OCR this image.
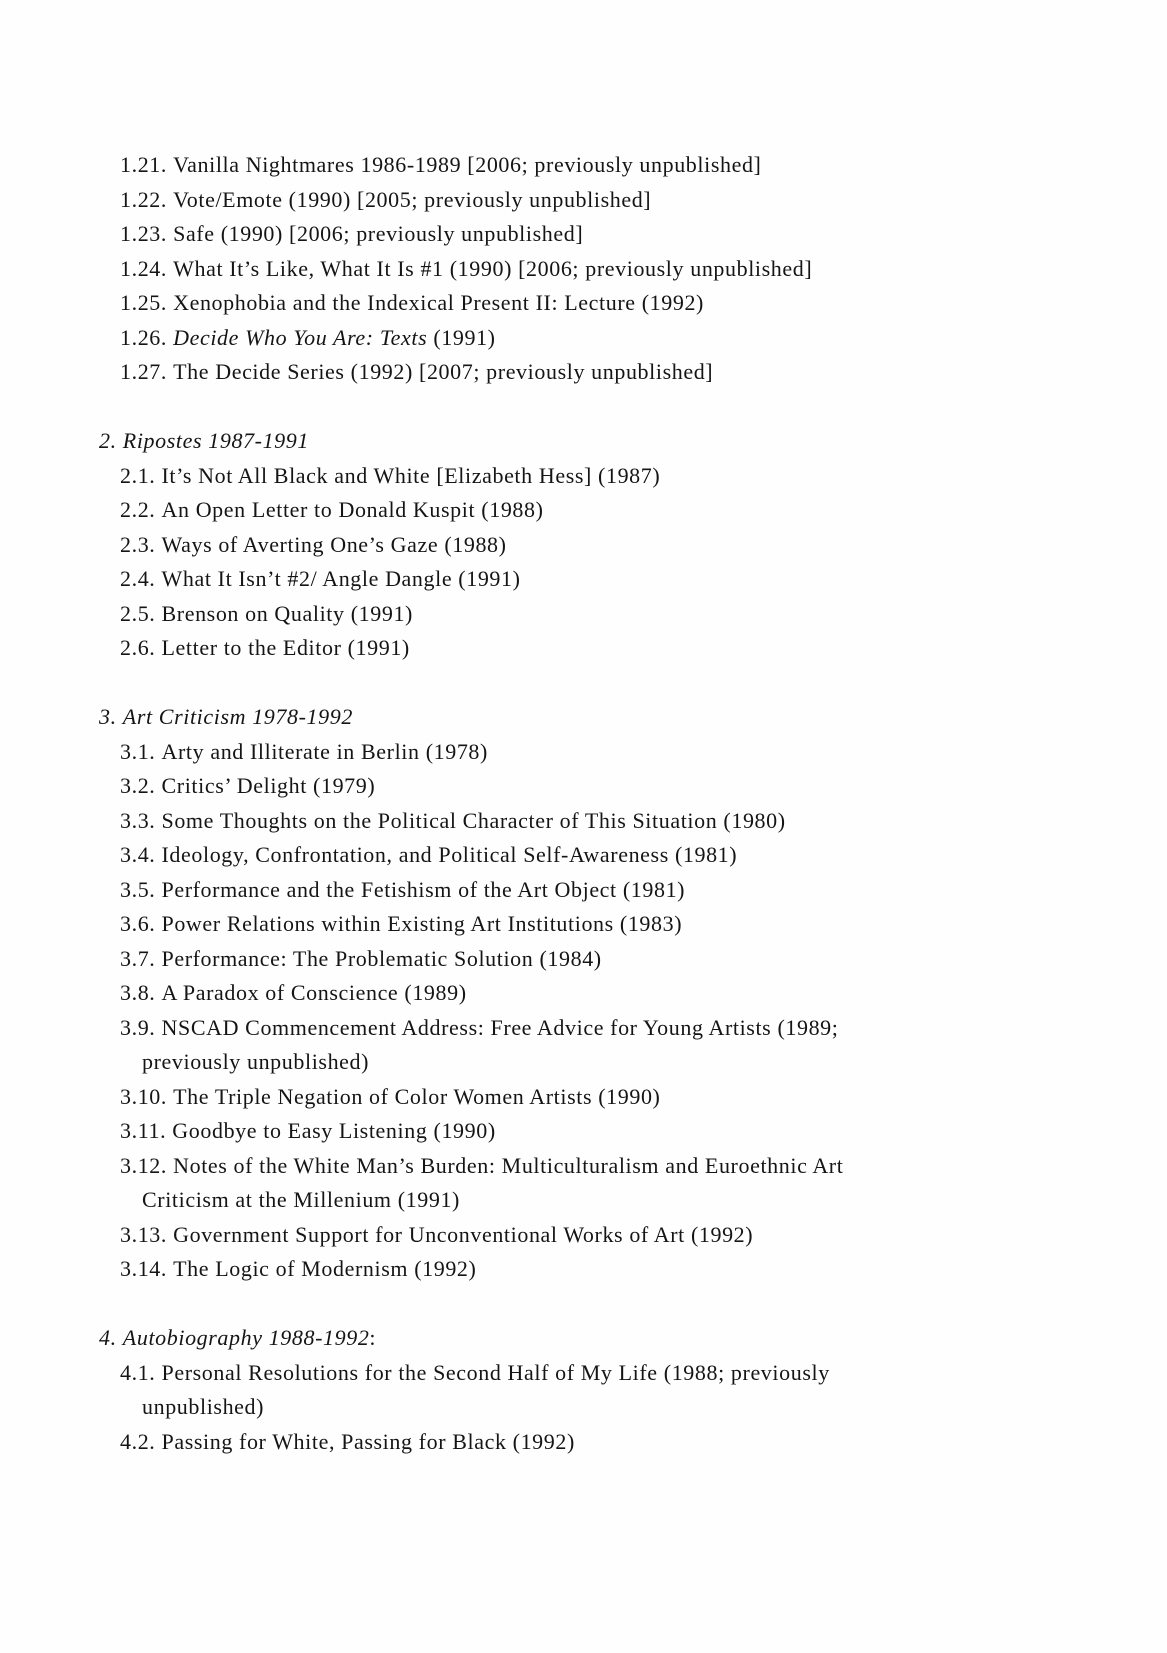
1.21. Vanilla Nightmares 1986-1989 [2006; previously unpublished]
1.22. Vote/Emote (1990) [2005; previously unpublished]
1.23. Safe (1990) [2006; previously unpublished]
1.24. What It’s Like, What It Is #1 (1990) [2006; previously unpublished]
1.25. Xenophobia and the Indexical Present II: Lecture (1992)
1.26. Decide Who You Are: Texts (1991)
1.27. The Decide Series (1992) [2007; previously unpublished]
2. Ripostes 1987-1991
2.1. It’s Not All Black and White [Elizabeth Hess] (1987)
2.2. An Open Letter to Donald Kuspit (1988)
2.3. Ways of Averting One’s Gaze (1988)
2.4. What It Isn’t #2/ Angle Dangle (1991)
2.5. Brenson on Quality (1991)
2.6. Letter to the Editor (1991)
3. Art Criticism 1978-1992
3.1. Arty and Illiterate in Berlin (1978)
3.2. Critics’ Delight (1979)
3.3. Some Thoughts on the Political Character of This Situation (1980)
3.4. Ideology, Confrontation, and Political Self-Awareness (1981)
3.5. Performance and the Fetishism of the Art Object (1981)
3.6. Power Relations within Existing Art Institutions (1983)
3.7. Performance: The Problematic Solution (1984)
3.8. A Paradox of Conscience (1989)
3.9. NSCAD Commencement Address: Free Advice for Young Artists (1989;
previously unpublished)
3.10. The Triple Negation of Color Women Artists (1990)
3.11. Goodbye to Easy Listening (1990)
3.12. Notes of the White Man’s Burden: Multiculturalism and Euroethnic Art
Criticism at the Millenium (1991)
3.13. Government Support for Unconventional Works of Art (1992)
3.14. The Logic of Modernism (1992)
4. Autobiography 1988-1992:
4.1. Personal Resolutions for the Second Half of My Life (1988; previously
unpublished)
4.2. Passing for White, Passing for Black (1992)
